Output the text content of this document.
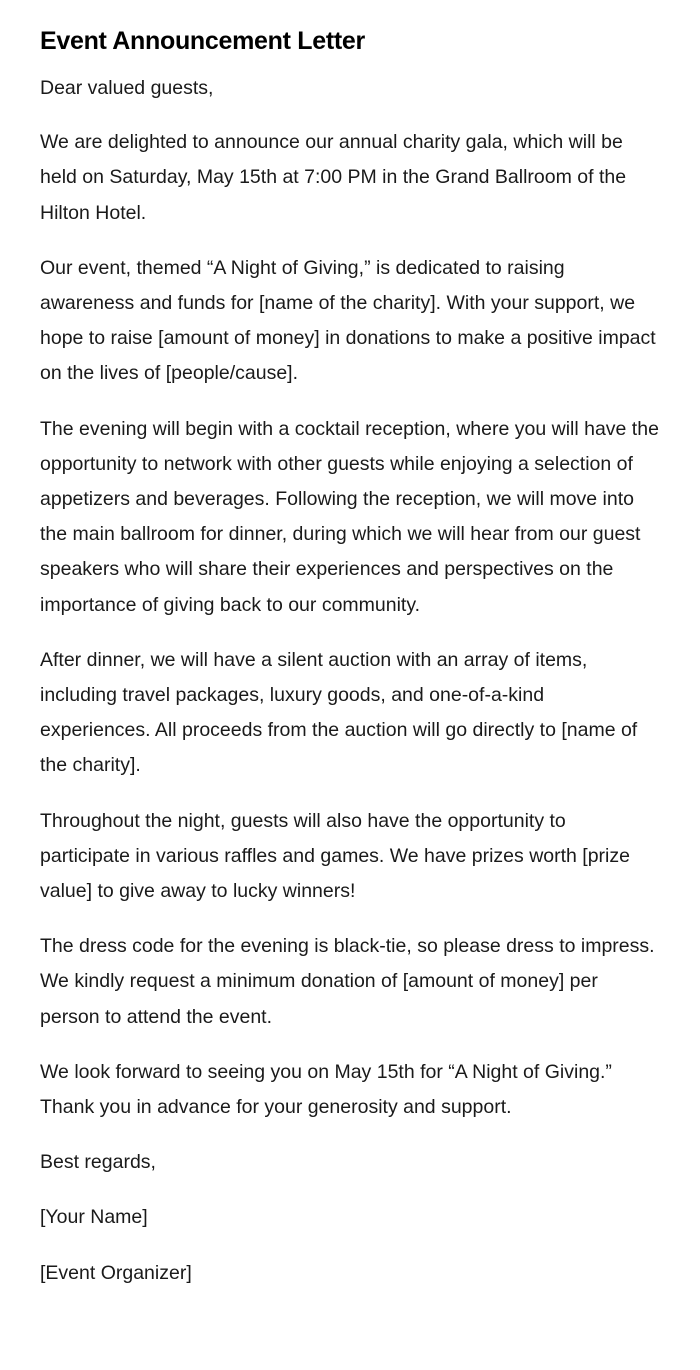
Event Announcement Letter

Dear valued guests,

We are delighted to announce our annual charity gala, which will be held on Saturday, May 15th at 7:00 PM in the Grand Ballroom of the Hilton Hotel.

Our event, themed “A Night of Giving,” is dedicated to raising awareness and funds for [name of the charity]. With your support, we hope to raise [amount of money] in donations to make a positive impact on the lives of [people/cause].

The evening will begin with a cocktail reception, where you will have the opportunity to network with other guests while enjoying a selection of appetizers and beverages. Following the reception, we will move into the main ballroom for dinner, during which we will hear from our guest speakers who will share their experiences and perspectives on the importance of giving back to our community.

After dinner, we will have a silent auction with an array of items, including travel packages, luxury goods, and one-of-a-kind experiences. All proceeds from the auction will go directly to [name of the charity].

Throughout the night, guests will also have the opportunity to participate in various raffles and games. We have prizes worth [prize value] to give away to lucky winners!

The dress code for the evening is black-tie, so please dress to impress. We kindly request a minimum donation of [amount of money] per person to attend the event.

We look forward to seeing you on May 15th for “A Night of Giving.” Thank you in advance for your generosity and support.

Best regards,

[Your Name]

[Event Organizer]
